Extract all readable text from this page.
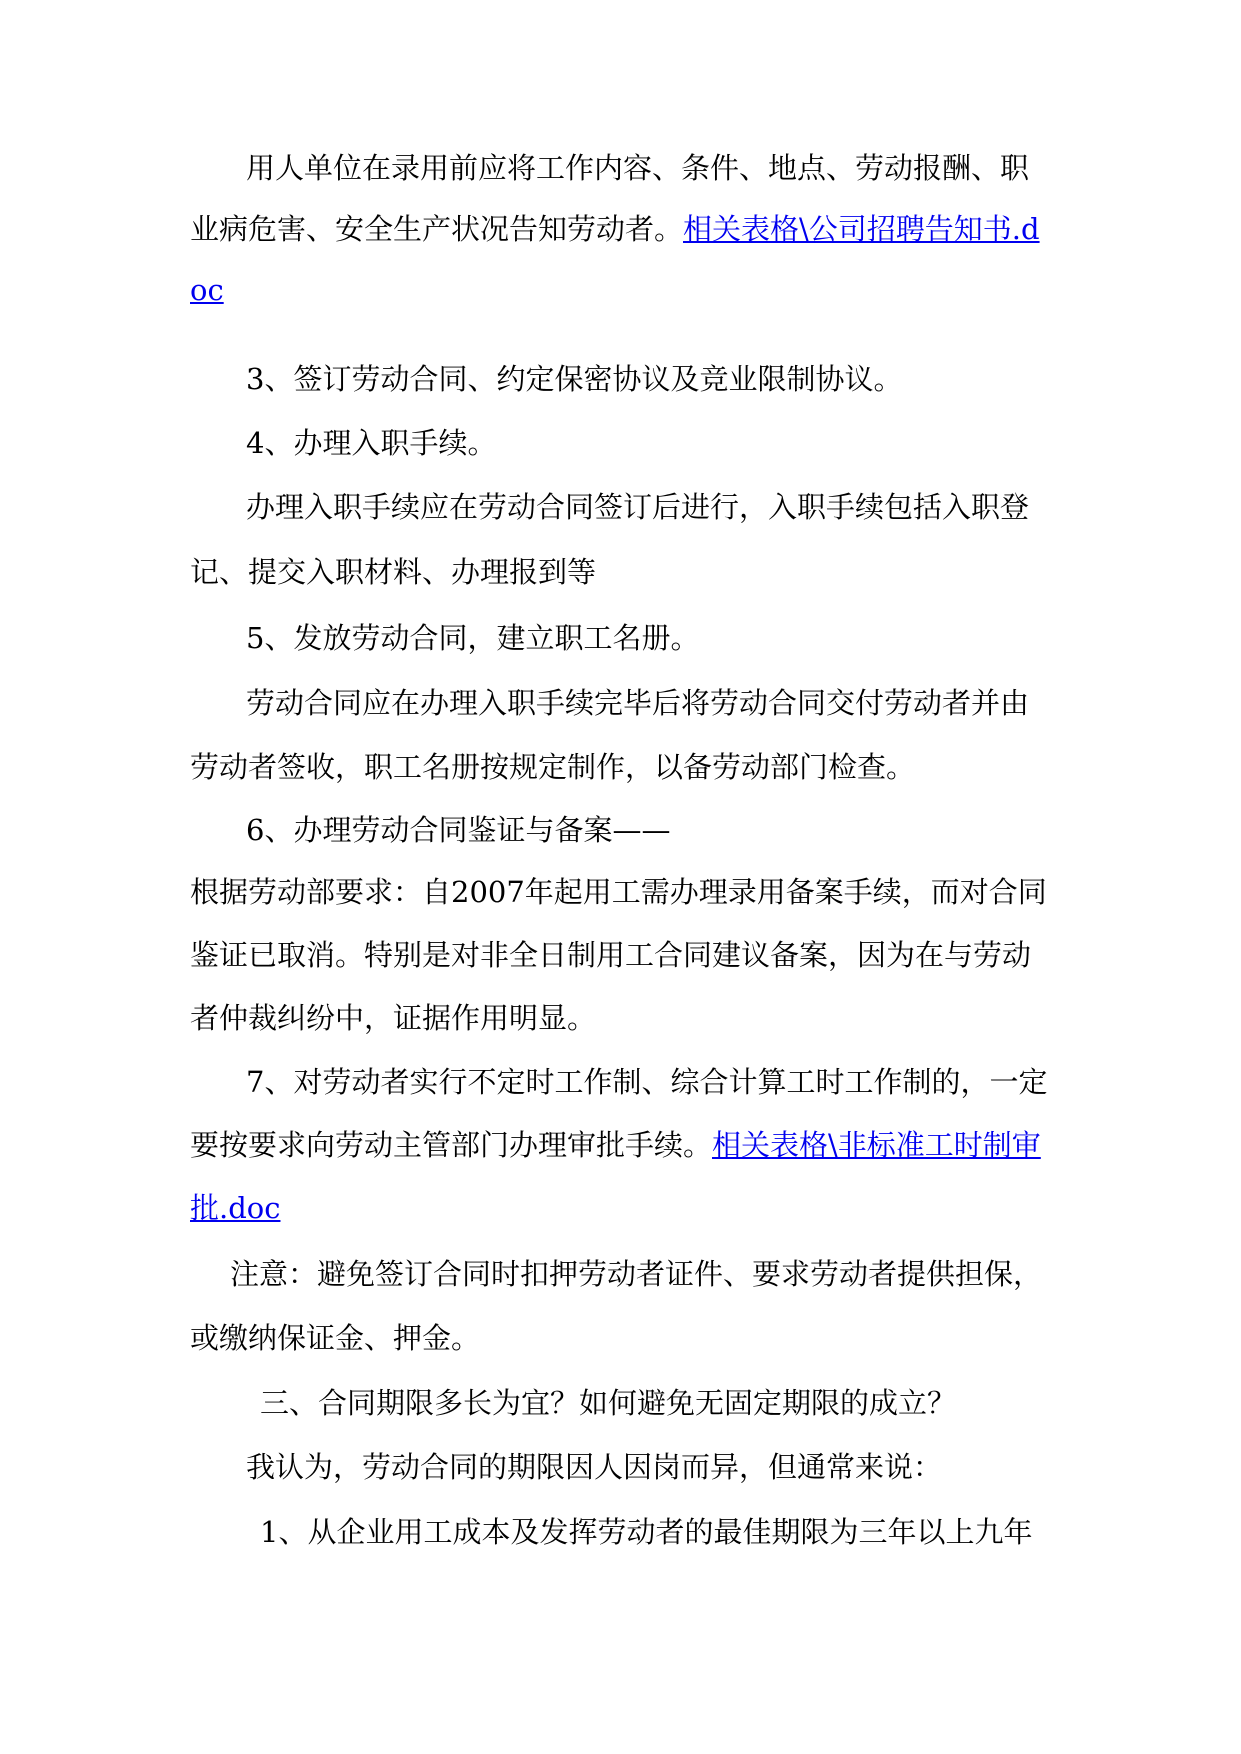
用人单位在录用前应将工作内容、条件、地点、劳动报酬、职
业病危害、安全生产状况告知劳动者。相关表格\公司招聘告知书.d
oc
3、签订劳动合同、约定保密协议及竞业限制协议。
4、办理入职手续。
办理入职手续应在劳动合同签订后进行，入职手续包括入职登
记、提交入职材料、办理报到等
5、发放劳动合同，建立职工名册。
劳动合同应在办理入职手续完毕后将劳动合同交付劳动者并由
劳动者签收，职工名册按规定制作，以备劳动部门检查。
6、办理劳动合同鉴证与备案——
根据劳动部要求：自2007年起用工需办理录用备案手续，而对合同
鉴证已取消。特别是对非全日制用工合同建议备案，因为在与劳动
者仲裁纠纷中，证据作用明显。
7、对劳动者实行不定时工作制、综合计算工时工作制的，一定
要按要求向劳动主管部门办理审批手续。相关表格\非标准工时制审
批.doc
注意：避免签订合同时扣押劳动者证件、要求劳动者提供担保，
或缴纳保证金、押金。
三、合同期限多长为宜？如何避免无固定期限的成立？
我认为，劳动合同的期限因人因岗而异，但通常来说：
1、从企业用工成本及发挥劳动者的最佳期限为三年以上九年
